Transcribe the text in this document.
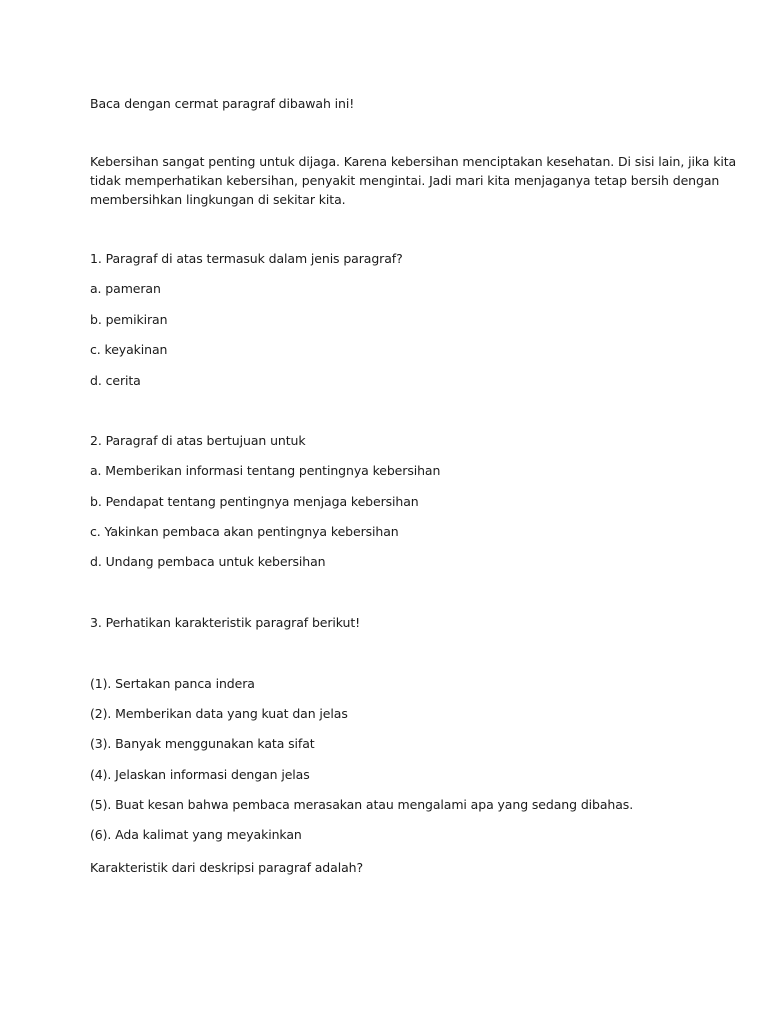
Baca dengan cermat paragraf dibawah ini!
Kebersihan sangat penting untuk dijaga. Karena kebersihan menciptakan kesehatan. Di sisi lain, jika kita
tidak memperhatikan kebersihan, penyakit mengintai. Jadi mari kita menjaganya tetap bersih dengan
membersihkan lingkungan di sekitar kita.
1. Paragraf di atas termasuk dalam jenis paragraf?
a. pameran
b. pemikiran
c. keyakinan
d. cerita
2. Paragraf di atas bertujuan untuk
a. Memberikan informasi tentang pentingnya kebersihan
b. Pendapat tentang pentingnya menjaga kebersihan
c. Yakinkan pembaca akan pentingnya kebersihan
d. Undang pembaca untuk kebersihan
3. Perhatikan karakteristik paragraf berikut!
(1). Sertakan panca indera
(2). Memberikan data yang kuat dan jelas
(3). Banyak menggunakan kata sifat
(4). Jelaskan informasi dengan jelas
(5). Buat kesan bahwa pembaca merasakan atau mengalami apa yang sedang dibahas.
(6). Ada kalimat yang meyakinkan
Karakteristik dari deskripsi paragraf adalah?
